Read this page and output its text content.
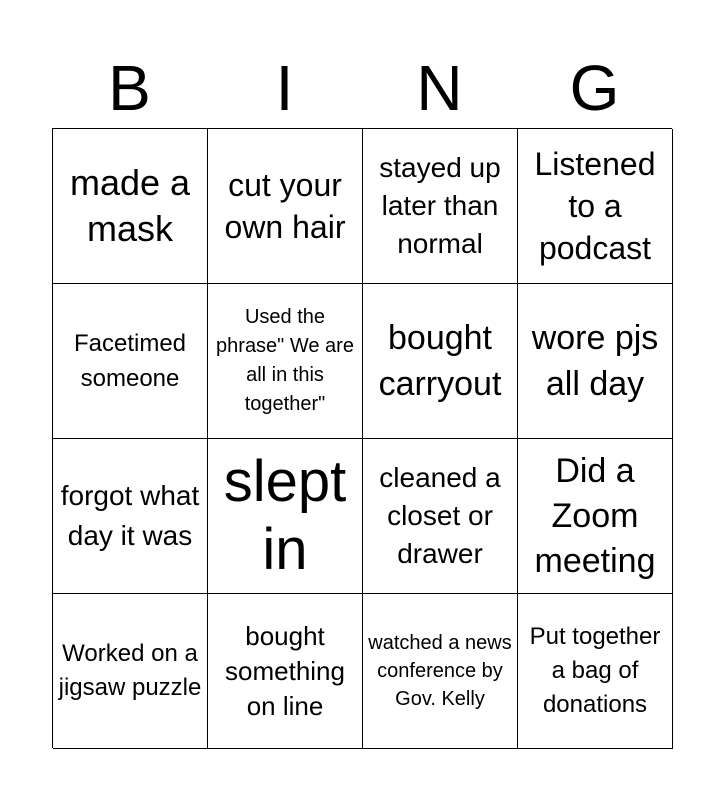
B	I	N	G
made a mask
cut your own hair
stayed up later than normal
Listened to a podcast
Facetimed someone
Used the phrase" We are all in this together"
bought carryout
wore pjs all day
forgot what day it was
slept in
cleaned a closet or drawer
Did a Zoom meeting
Worked on a jigsaw puzzle
bought something on line
watched a news conference by Gov. Kelly
Put together a bag of donations
